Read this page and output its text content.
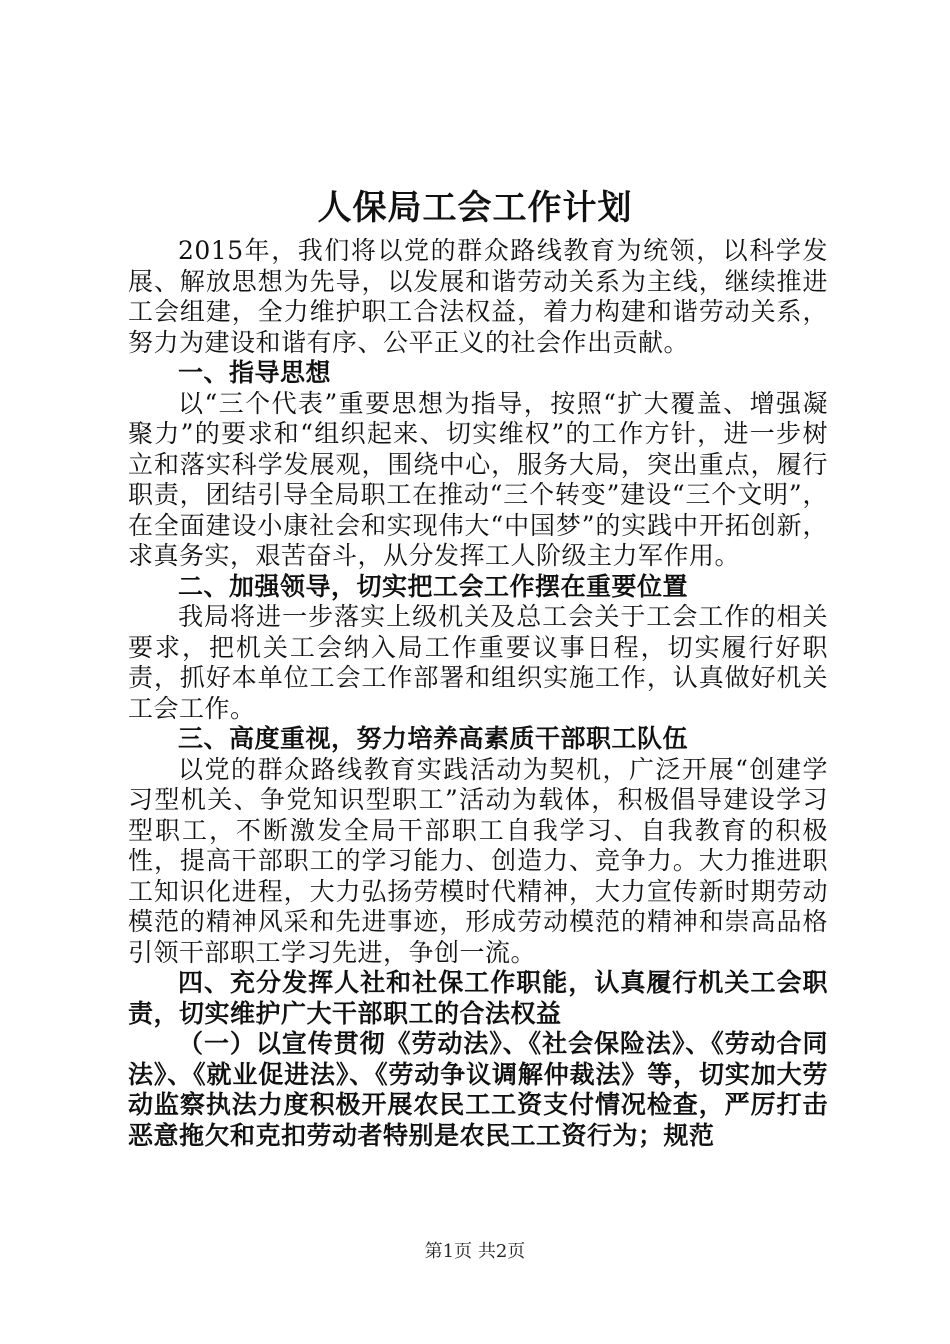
人保局工会工作计划

2015年，我们将以党的群众路线教育为统领，以科学发展、解放思想为先导，以发展和谐劳动关系为主线，继续推进工会组建，全力维护职工合法权益，着力构建和谐劳动关系，努力为建设和谐有序、公平正义的社会作出贡献。

一、指导思想

以“三个代表”重要思想为指导，按照“扩大覆盖、增强凝聚力”的要求和“组织起来、切实维权”的工作方针，进一步树立和落实科学发展观，围绕中心，服务大局，突出重点，履行职责，团结引导全局职工在推动“三个转变”建设“三个文明”，在全面建设小康社会和实现伟大“中国梦”的实践中开拓创新，求真务实，艰苦奋斗，从分发挥工人阶级主力军作用。

二、加强领导，切实把工会工作摆在重要位置

我局将进一步落实上级机关及总工会关于工会工作的相关要求，把机关工会纳入局工作重要议事日程，切实履行好职责，抓好本单位工会工作部署和组织实施工作，认真做好机关工会工作。

三、高度重视，努力培养高素质干部职工队伍

以党的群众路线教育实践活动为契机，广泛开展“创建学习型机关、争党知识型职工”活动为载体，积极倡导建设学习型职工，不断激发全局干部职工自我学习、自我教育的积极性，提高干部职工的学习能力、创造力、竞争力。大力推进职工知识化进程，大力弘扬劳模时代精神，大力宣传新时期劳动模范的精神风采和先进事迹，形成劳动模范的精神和崇高品格引领干部职工学习先进，争创一流。

四、充分发挥人社和社保工作职能，认真履行机关工会职责，切实维护广大干部职工的合法权益

（一）以宣传贯彻《劳动法》、《社会保险法》、《劳动合同法》、《就业促进法》、《劳动争议调解仲裁法》等，切实加大劳动监察执法力度积极开展农民工工资支付情况检查，严厉打击恶意拖欠和克扣劳动者特别是农民工工资行为；规范

第1页 共2页
